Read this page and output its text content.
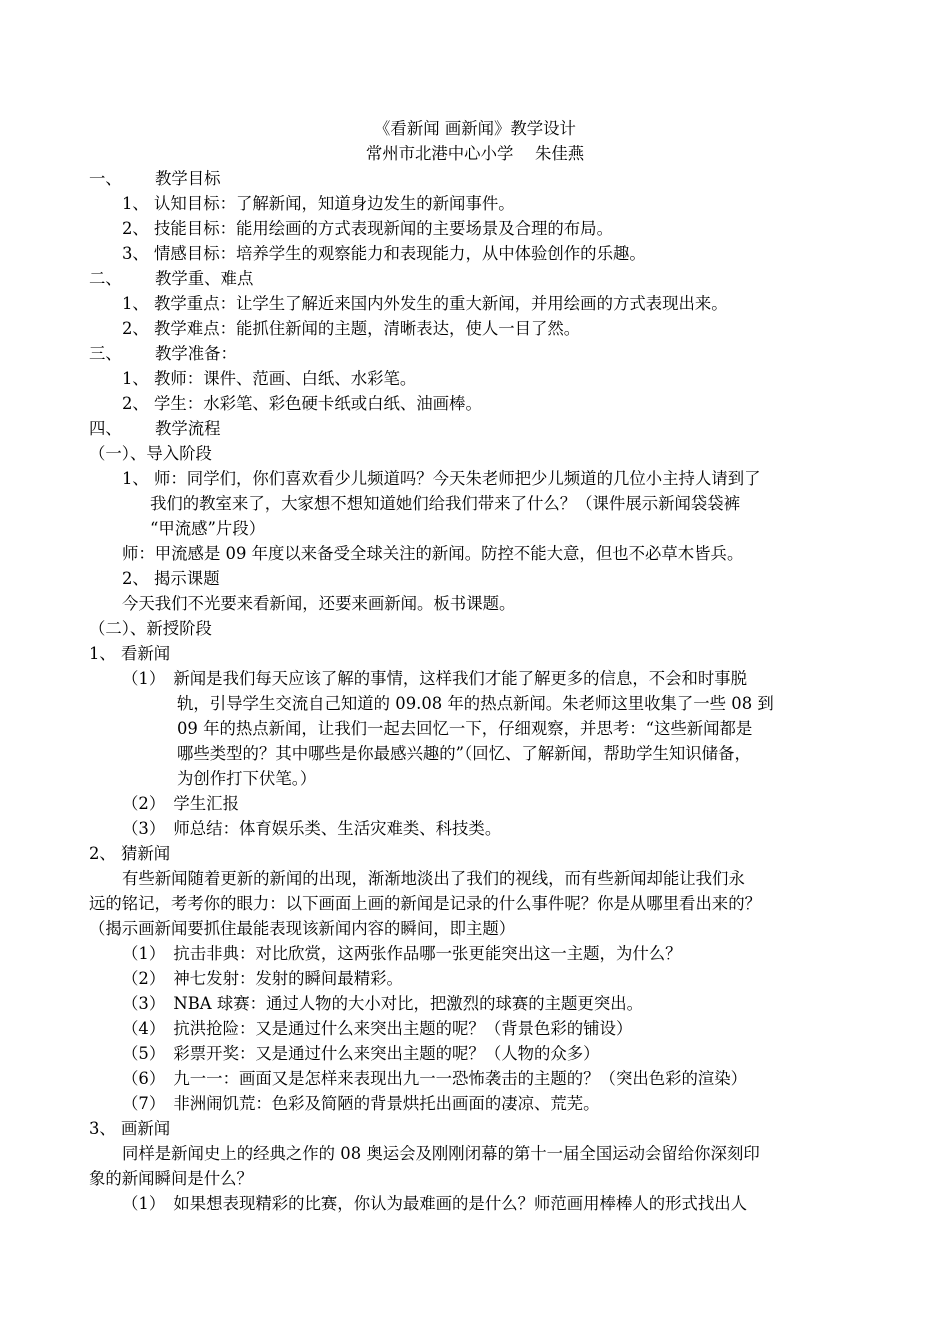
《看新闻 画新闻》教学设计
常州市北港中心小学　 朱佳燕
一、 教学目标
1、 认知目标：了解新闻，知道身边发生的新闻事件。
2、 技能目标：能用绘画的方式表现新闻的主要场景及合理的布局。
3、 情感目标：培养学生的观察能力和表现能力，从中体验创作的乐趣。
二、 教学重、难点
1、 教学重点：让学生了解近来国内外发生的重大新闻，并用绘画的方式表现出来。
2、 教学难点：能抓住新闻的主题，清晰表达，使人一目了然。
三、 教学准备：
1、 教师：课件、范画、白纸、水彩笔。
2、 学生：水彩笔、彩色硬卡纸或白纸、油画棒。
四、 教学流程
（一）、导入阶段
1、 师：同学们，你们喜欢看少儿频道吗？今天朱老师把少儿频道的几位小主持人请到了
我们的教室来了，大家想不想知道她们给我们带来了什么？（课件展示新闻袋袋裤
“甲流感”片段）
师：甲流感是 09 年度以来备受全球关注的新闻。防控不能大意，但也不必草木皆兵。
2、 揭示课题
今天我们不光要来看新闻，还要来画新闻。板书课题。
（二）、新授阶段
1、 看新闻
（1）　新闻是我们每天应该了解的事情，这样我们才能了解更多的信息，不会和时事脱
轨，引导学生交流自己知道的 09.08 年的热点新闻。朱老师这里收集了一些 08 到
09 年的热点新闻，让我们一起去回忆一下，仔细观察，并思考：“这些新闻都是
哪些类型的？其中哪些是你最感兴趣的”（回忆、了解新闻，帮助学生知识储备，
为创作打下伏笔。）
（2）　学生汇报
（3）　师总结：体育娱乐类、生活灾难类、科技类。
2、 猜新闻
有些新闻随着更新的新闻的出现，渐渐地淡出了我们的视线，而有些新闻却能让我们永
远的铭记，考考你的眼力：以下画面上画的新闻是记录的什么事件呢？你是从哪里看出来的？
（揭示画新闻要抓住最能表现该新闻内容的瞬间，即主题）
（1）　抗击非典：对比欣赏，这两张作品哪一张更能突出这一主题，为什么？
（2）　神七发射：发射的瞬间最精彩。
（3）　NBA 球赛：通过人物的大小对比，把激烈的球赛的主题更突出。
（4）　抗洪抢险：又是通过什么来突出主题的呢？（背景色彩的铺设）
（5）　彩票开奖：又是通过什么来突出主题的呢？（人物的众多）
（6）　九一一：画面又是怎样来表现出九一一恐怖袭击的主题的？（突出色彩的渲染）
（7）　非洲闹饥荒：色彩及简陋的背景烘托出画面的凄凉、荒芜。
3、 画新闻
同样是新闻史上的经典之作的 08 奥运会及刚刚闭幕的第十一届全国运动会留给你深刻印
象的新闻瞬间是什么？
（1）　如果想表现精彩的比赛，你认为最难画的是什么？师范画用棒棒人的形式找出人
